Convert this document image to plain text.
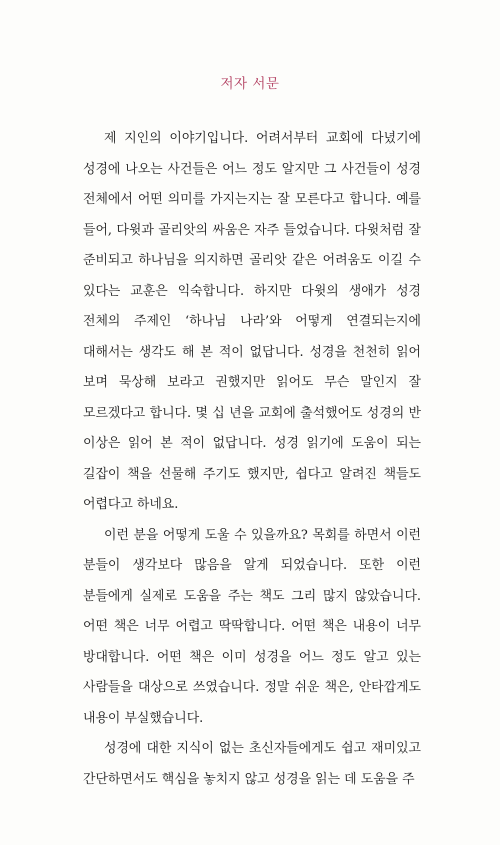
저자 서문

제 지인의 이야기입니다. 어려서부터 교회에 다녔기에 성경에 나오는 사건들은 어느 정도 알지만 그 사건들이 성경 전체에서 어떤 의미를 가지는지는 잘 모른다고 합니다. 예를 들어, 다윗과 골리앗의 싸움은 자주 들었습니다. 다윗처럼 잘 준비되고 하나님을 의지하면 골리앗 같은 어려움도 이길 수 있다는 교훈은 익숙합니다. 하지만 다윗의 생애가 성경 전체의 주제인 ‘하나님 나라’와 어떻게 연결되는지에 대해서는 생각도 해 본 적이 없답니다. 성경을 천천히 읽어 보며 묵상해 보라고 권했지만 읽어도 무슨 말인지 잘 모르겠다고 합니다. 몇 십 년을 교회에 출석했어도 성경의 반 이상은 읽어 본 적이 없답니다. 성경 읽기에 도움이 되는 길잡이 책을 선물해 주기도 했지만, 쉽다고 알려진 책들도 어렵다고 하네요.

이런 분을 어떻게 도울 수 있을까요? 목회를 하면서 이런 분들이 생각보다 많음을 알게 되었습니다. 또한 이런 분들에게 실제로 도움을 주는 책도 그리 많지 않았습니다. 어떤 책은 너무 어렵고 딱딱합니다. 어떤 책은 내용이 너무 방대합니다. 어떤 책은 이미 성경을 어느 정도 알고 있는 사람들을 대상으로 쓰였습니다. 정말 쉬운 책은, 안타깝게도 내용이 부실했습니다.

성경에 대한 지식이 없는 초신자들에게도 쉽고 재미있고 간단하면서도 핵심을 놓치지 않고 성경을 읽는 데 도움을 주
